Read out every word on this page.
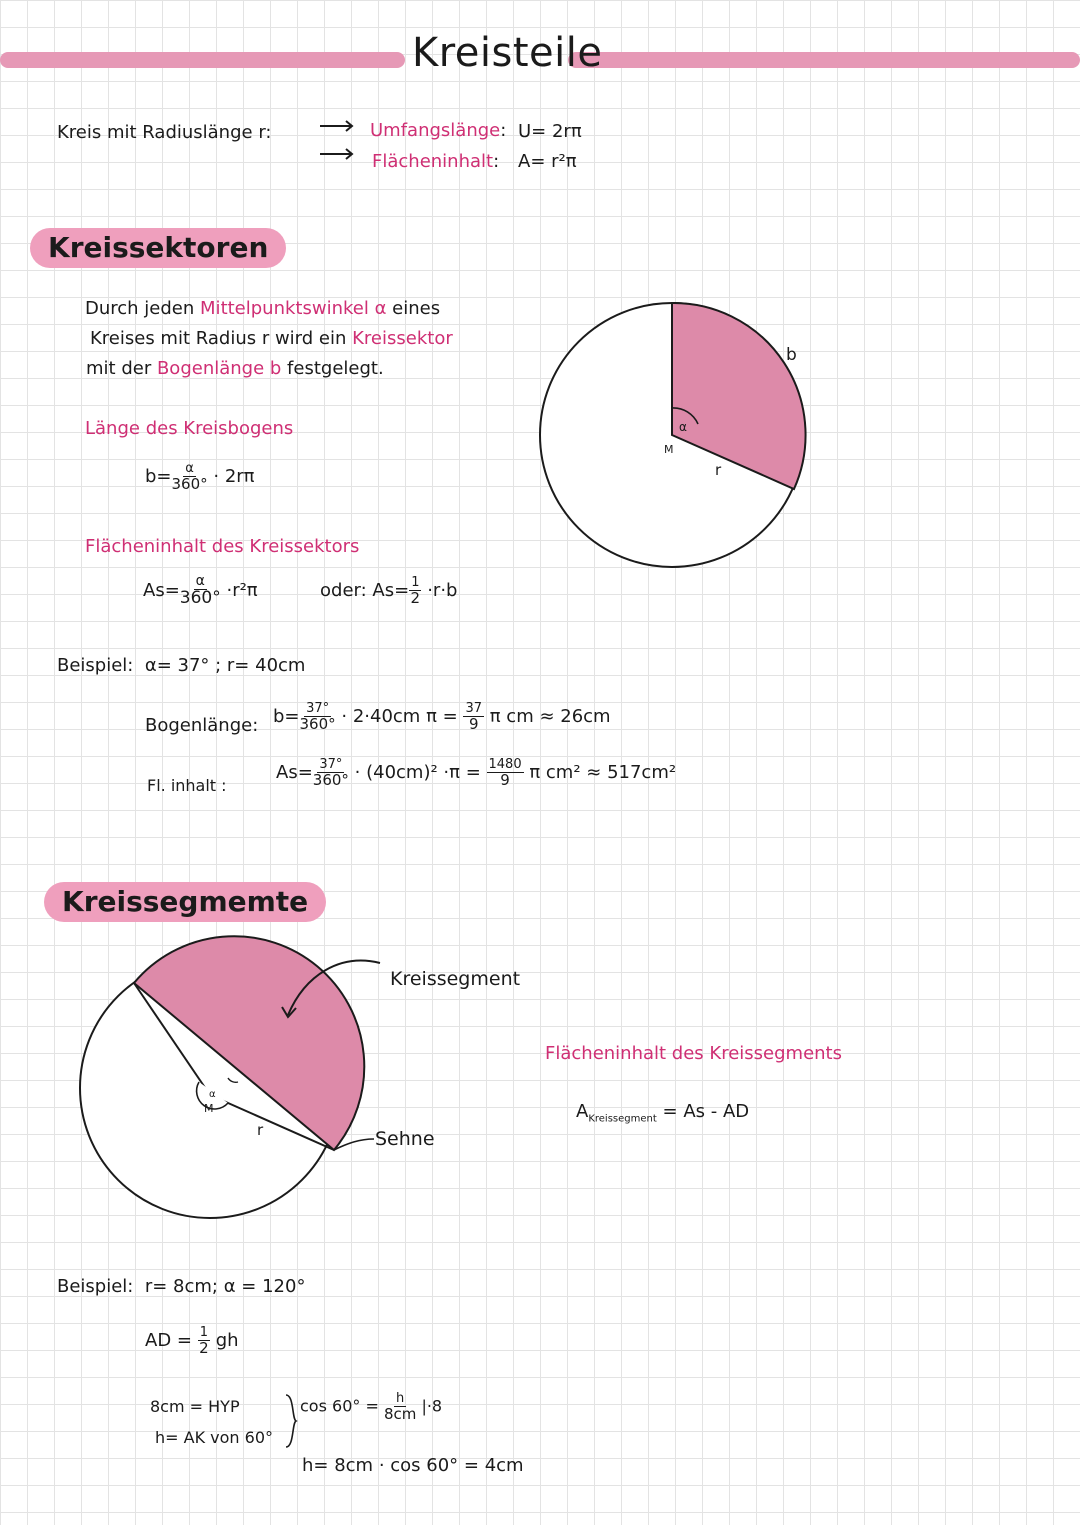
Kreisteile
Kreis mit Radiuslänge r:	Umfangslänge: U= 2rπ
Flächeninhalt: A= r²π
Kreissektoren
Durch jeden Mittelpunktswinkel α eines
Kreises mit Radius r wird ein Kreissektor
mit der Bogenlänge b festgelegt.
Länge des Kreisbogens
$b= \frac{\alpha}{360^\circ} \cdot 2r\pi$
Flächeninhalt des Kreissektors
$As= \frac{\alpha}{360^\circ} \cdot r^2\pi$	oder: $As= \frac{1}{2} \cdot r\cdot b$
Beispiel: α= 37° ; r= 40cm
Bogenlänge: $b= \frac{37^\circ}{360^\circ} \cdot 2\cdot 40cm$ $\pi = \frac{37}{9}$ π cm ≈ 26cm
Fl. inhalt :
$As= \frac{37^\circ}{360^\circ} \cdot (40cm)^2 \cdot\pi = \frac{1480}{9}$ π cm² ≈ 517cm²
α
M
r
b
Kreissegmemte
α
M
r
Kreissegment
Sehne
Flächeninhalt des Kreissegments
$A_{Kreissegment} = As$ - AD
Beispiel: r= 8cm; α = 120°
AD = $\frac{1}{2}$ gh
8cm = HYP
h= AK von 60°
$\cos 60^\circ = \frac{h}{8cm} |\cdot 8$
h= 8cm · cos 60° = 4cm
